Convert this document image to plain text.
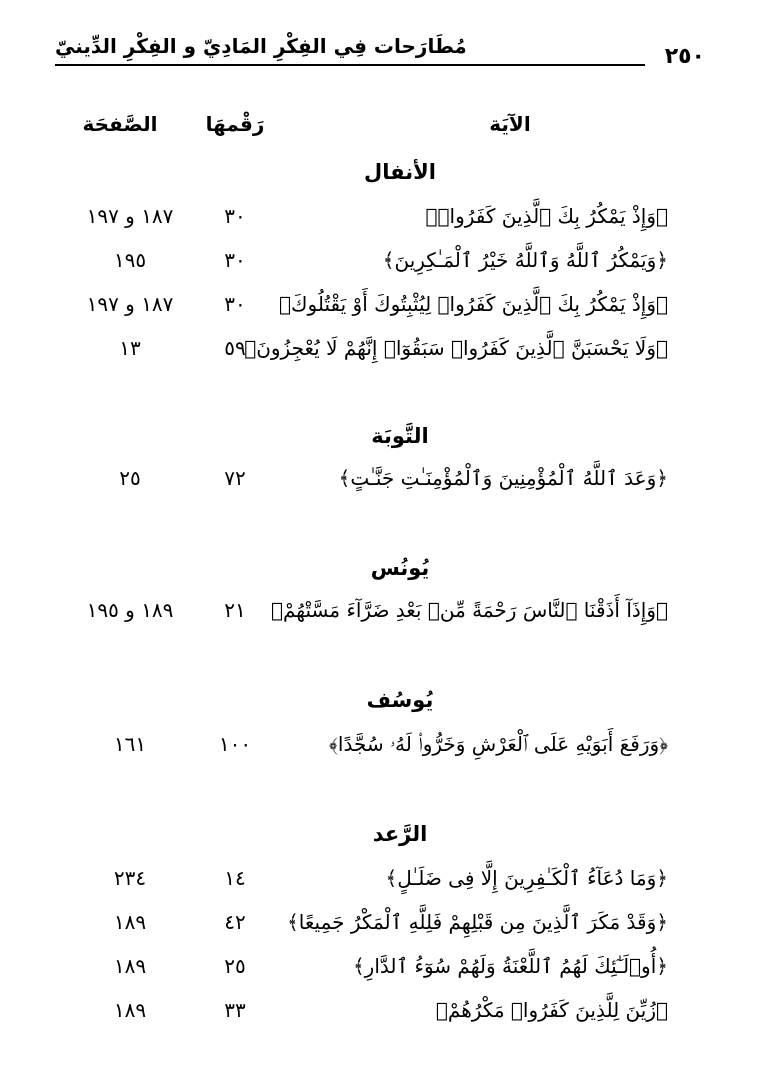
٢٥٠
مُطَارَحات فِي الفِكْرِ المَادِيّ و الفِكْرِ الدِّينيّ
الآيَة
رَقْمهَا
الصَّفحَة
الأنفال
﴿وَإِذْ يَمْكُرُ بِكَ ٱلَّذِينَ كَفَرُوا۟﴾
٣٠
١٨٧ و ١٩٧
﴿وَيَمْكُرُ ٱللَّهُ وَٱللَّهُ خَيْرُ ٱلْمَـٰكِرِينَ﴾
٣٠
١٩٥
﴿وَإِذْ يَمْكُرُ بِكَ ٱلَّذِينَ كَفَرُوا۟ لِيُثْبِتُوكَ أَوْ يَقْتُلُوكَ﴾
٣٠
١٨٧ و ١٩٧
﴿وَلَا يَحْسَبَنَّ ٱلَّذِينَ كَفَرُوا۟ سَبَقُوٓا۟ إِنَّهُمْ لَا يُعْجِزُونَ﴾
٥٩
١٣
التَّوبَة
﴿وَعَدَ ٱللَّهُ ٱلْمُؤْمِنِينَ وَٱلْمُؤْمِنَـٰتِ جَنَّـٰتٍ﴾
٧٢
٢٥
يُونُس
﴿وَإِذَآ أَذَقْنَا ٱلنَّاسَ رَحْمَةً مِّنۢ بَعْدِ ضَرَّآءَ مَسَّتْهُمْ﴾
٢١
١٨٩ و ١٩٥
يُوسُف
﴿وَرَفَعَ أَبَوَيْهِ عَلَى ٱلْعَرْشِ وَخَرُّوا۟ لَهُۥ سُجَّدًا﴾
١٠٠
١٦١
الرَّعد
﴿وَمَا دُعَآءُ ٱلْكَـٰفِرِينَ إِلَّا فِى ضَلَـٰلٍ﴾
١٤
٢٣٤
﴿وَقَدْ مَكَرَ ٱلَّذِينَ مِن قَبْلِهِمْ فَلِلَّهِ ٱلْمَكْرُ جَمِيعًا﴾
٤٢
١٨٩
﴿أُو۟لَـٰٓئِكَ لَهُمُ ٱللَّعْنَةُ وَلَهُمْ سُوٓءُ ٱلدَّارِ﴾
٢٥
١٨٩
﴿زُيِّنَ لِلَّذِينَ كَفَرُوا۟ مَكْرُهُمْ﴾
٣٣
١٨٩
